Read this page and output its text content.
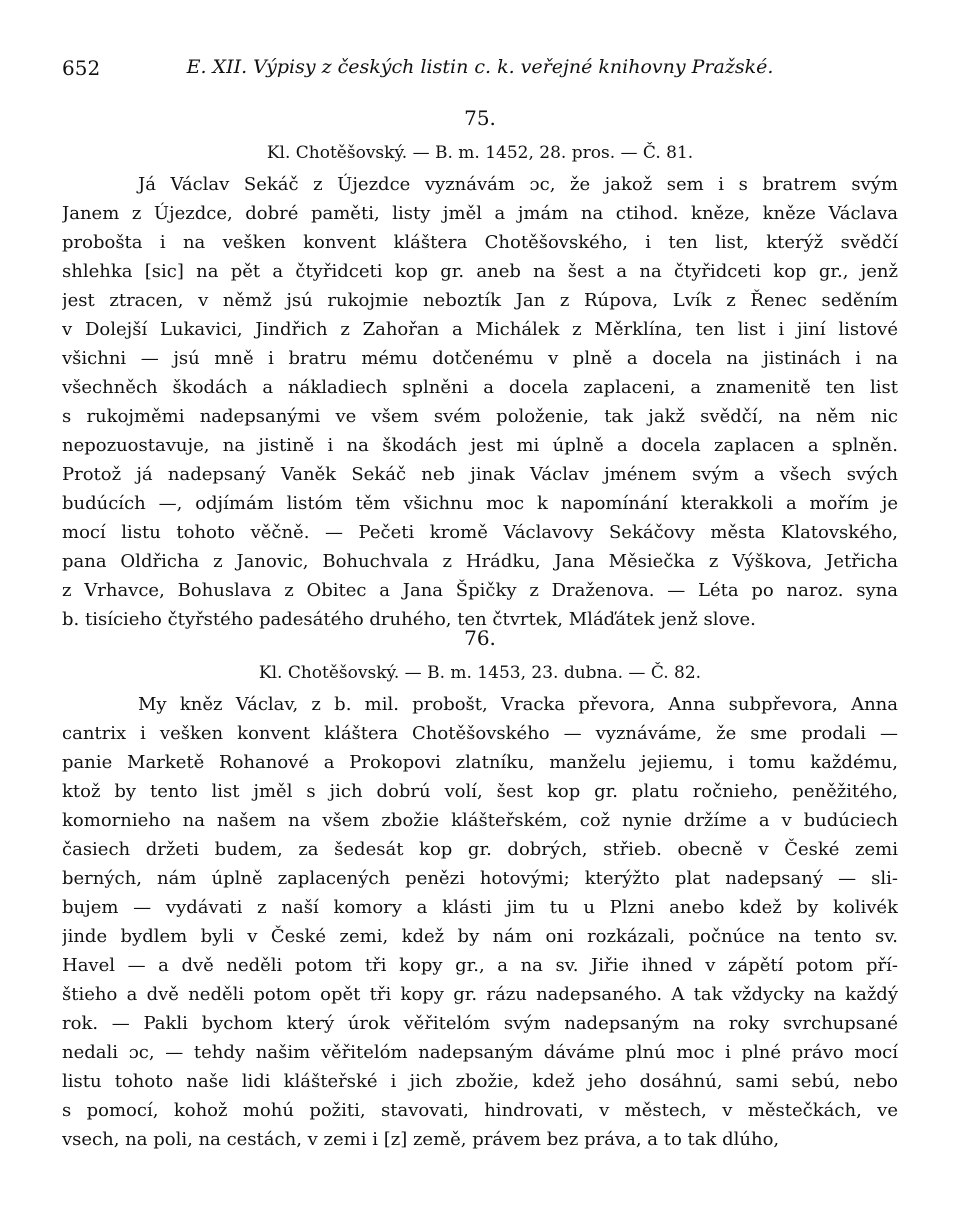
652	E. XII. Výpisy z českých listin c. k. veřejné knihovny Pražské.
75.
Kl. Chotěšovský. — B. m. 1452, 28. pros. — Č. 81.
Já Václav Sekáč z Újezdce vyznávám ɔc, že jakož sem i s bratrem svým
Janem z Újezdce, dobré paměti, listy jměl a jmám na ctihod. kněze, kněze Václava
probošta i na vešken konvent kláštera Chotěšovského, i ten list, kterýž svědčí
shlehka [sic] na pět a čtyřidceti kop gr. aneb na šest a na čtyřidceti kop gr., jenž
jest ztracen, v němž jsú rukojmie neboztík Jan z Rúpova, Lvík z Řenec seděním
v Dolejší Lukavici, Jindřich z Zahořan a Michálek z Měrklína, ten list i jiní listové
všichni — jsú mně i bratru mému dotčenému v plně a docela na jistinách i na
všechněch škodách a nákladiech splněni a docela zaplaceni, a znamenitě ten list
s rukojměmi nadepsanými ve všem svém položenie, tak jakž svědčí, na něm nic
nepozuostavuje, na jistině i na škodách jest mi úplně a docela zaplacen a splněn.
Protož já nadepsaný Vaněk Sekáč neb jinak Václav jménem svým a všech svých
budúcích —, odjímám listóm těm všichnu moc k napomínání kterakkoli a mořím je
mocí listu tohoto věčně. — Pečeti kromě Václavovy Sekáčovy města Klatovského,
pana Oldřicha z Janovic, Bohuchvala z Hrádku, Jana Měsiečka z Výškova, Jetřicha
z Vrhavce, Bohuslava z Obitec a Jana Špičky z Draženova. — Léta po naroz. syna
b. tisícieho čtyřstého padesátého druhého, ten čtvrtek, Mláďátek jenž slove.
76.
Kl. Chotěšovský. — B. m. 1453, 23. dubna. — Č. 82.
My kněz Václav, z b. mil. probošt, Vracka převora, Anna subpřevora, Anna
cantrix i vešken konvent kláštera Chotěšovského — vyznáváme, že sme prodali —
panie Marketě Rohanové a Prokopovi zlatníku, manželu jejiemu, i tomu každému,
ktož by tento list jměl s jich dobrú volí, šest kop gr. platu ročnieho, peněžitého,
komornieho na našem na všem zbožie klášteřském, což nynie držíme a v budúciech
časiech držeti budem, za šedesát kop gr. dobrých, střieb. obecně v České zemi
berných, nám úplně zaplacených penězi hotovými; kterýžto plat nadepsaný — sli-
bujem — vydávati z naší komory a klásti jim tu u Plzni anebo kdež by kolivék
jinde bydlem byli v České zemi, kdež by nám oni rozkázali, počnúce na tento sv.
Havel — a dvě neděli potom tři kopy gr., a na sv. Jiřie ihned v zápětí potom pří-
štieho a dvě neděli potom opět tři kopy gr. rázu nadepsaného. A tak vždycky na každý
rok. — Pakli bychom který úrok věřitelóm svým nadepsaným na roky svrchupsané
nedali ɔc, — tehdy našim věřitelóm nadepsaným dáváme plnú moc i plné právo mocí
listu tohoto naše lidi klášteřské i jich zbožie, kdež jeho dosáhnú, sami sebú, nebo
s pomocí, kohož mohú požiti, stavovati, hindrovati, v městech, v městečkách, ve
vsech, na poli, na cestách, v zemi i [z] země, právem bez práva, a to tak dlúho,
